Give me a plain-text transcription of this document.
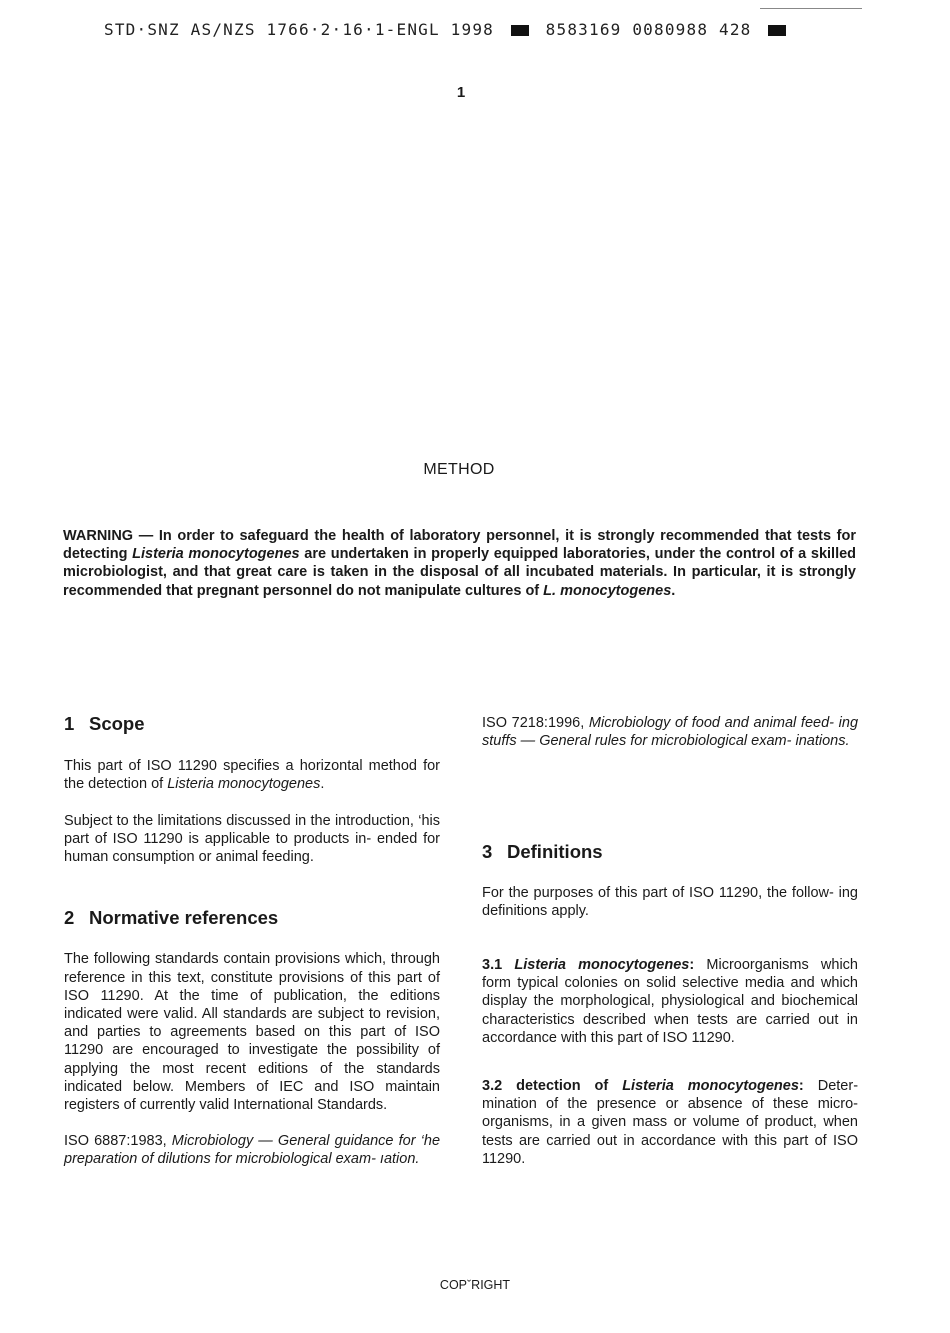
STD·SNZ AS/NZS 1766·2·16·1-ENGL 1998	8583169 0080988 428
1
METHOD
WARNING — In order to safeguard the health of laboratory personnel, it is strongly recommended that tests for detecting Listeria monocytogenes are undertaken in properly equipped laboratories, under the control of a skilled microbiologist, and that great care is taken in the disposal of all incubated materials. In particular, it is strongly recommended that pregnant personnel do not manipulate cultures of L. monocytogenes.
1 Scope

This part of ISO 11290 specifies a horizontal method for the detection of Listeria monocytogenes.

Subject to the limitations discussed in the introduction, ‘his part of ISO 11290 is applicable to products in- ended for human consumption or animal feeding.

2 Normative references

The following standards contain provisions which, through reference in this text, constitute provisions of this part of ISO 11290. At the time of publication, the editions indicated were valid. All standards are subject to revision, and parties to agreements based on this part of ISO 11290 are encouraged to investigate the possibility of applying the most recent editions of the standards indicated below. Members of IEC and ISO maintain registers of currently valid International Standards.

ISO 6887:1983, Microbiology — General guidance for ‘he preparation of dilutions for microbiological exam- ıation.

ISO 7218:1996, Microbiology of food and animal feed- ing stuffs — General rules for microbiological exam- inations.

3 Definitions

For the purposes of this part of ISO 11290, the follow- ing definitions apply.

3.1 Listeria monocytogenes: Microorganisms which form typical colonies on solid selective media and which display the morphological, physiological and biochemical characteristics described when tests are carried out in accordance with this part of ISO 11290.

3.2 detection of Listeria monocytogenes: Deter- mination of the presence or absence of these micro- organisms, in a given mass or volume of product, when tests are carried out in accordance with this part of ISO 11290.

COPˇRIGHT
